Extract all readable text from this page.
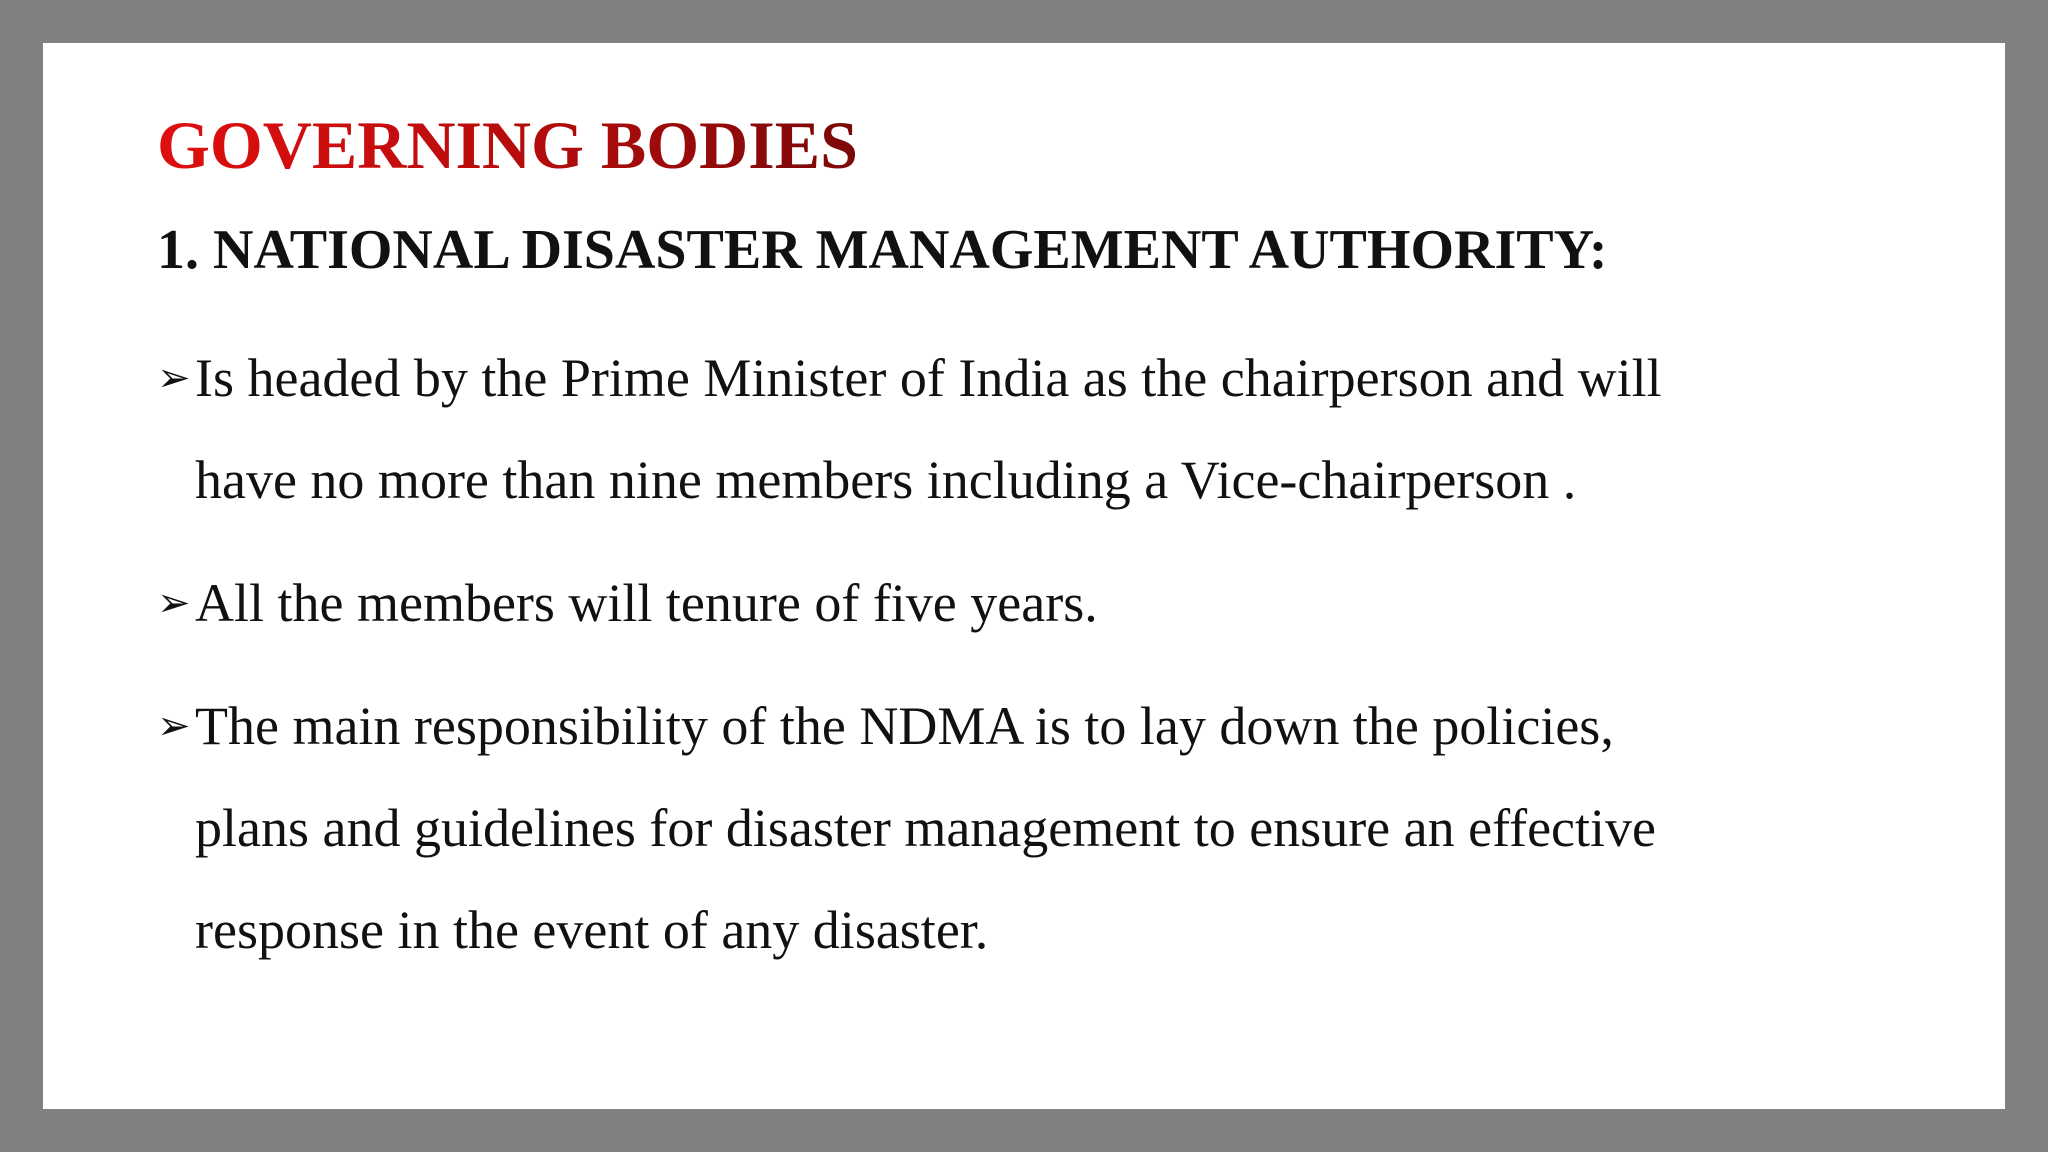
GOVERNING BODIES
1. NATIONAL DISASTER MANAGEMENT AUTHORITY:
➢ Is headed by the Prime Minister of India as the chairperson and will
have no more than nine members including a Vice-chairperson .
➢ All the members will tenure of five years.
➢ The main responsibility of the NDMA is to lay down the policies,
plans and guidelines for disaster management to ensure an effective
response in the event of any disaster.
